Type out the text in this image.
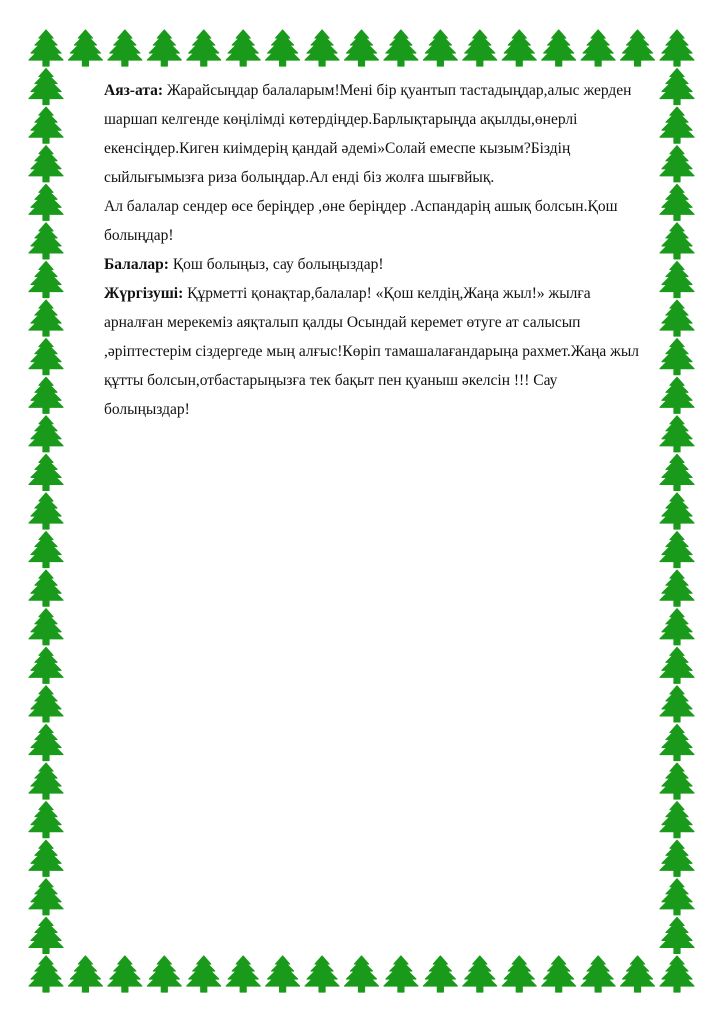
Аяз-ата: Жарайсыңдар балаларым!Мені бір қуантып тастадыңдар,алыс жерден
шаршап келгенде көңілімді көтердіңдер.Барлықтарыңда ақылды,өнерлі
екенсіңдер.Киген киімдерің қандай әдемі»Солай емеспе кызым?Біздің
сыйлығымызға риза болыңдар.Ал енді біз жолға шығвйық.

Ал балалар сендер өсе беріңдер ,өне беріңдер .Аспандарің ашық болсын.Қош
болыңдар!

Балалар: Қош болыңыз, сау болыңыздар!

Жүргізуші: Құрметті қонақтар,балалар! «Қош келдің,Жаңа жыл!» жылға
арналған мерекеміз аяқталып қалды Осындай керемет өтуге ат салысып
,әріптестерім сіздергеде мың алғыс!Көріп тамашалағандарыңа рахмет.Жаңа жыл
құтты болсын,отбастарыңызға тек бақыт пен қуаныш әкелсін !!! Сау
болыңыздар!
